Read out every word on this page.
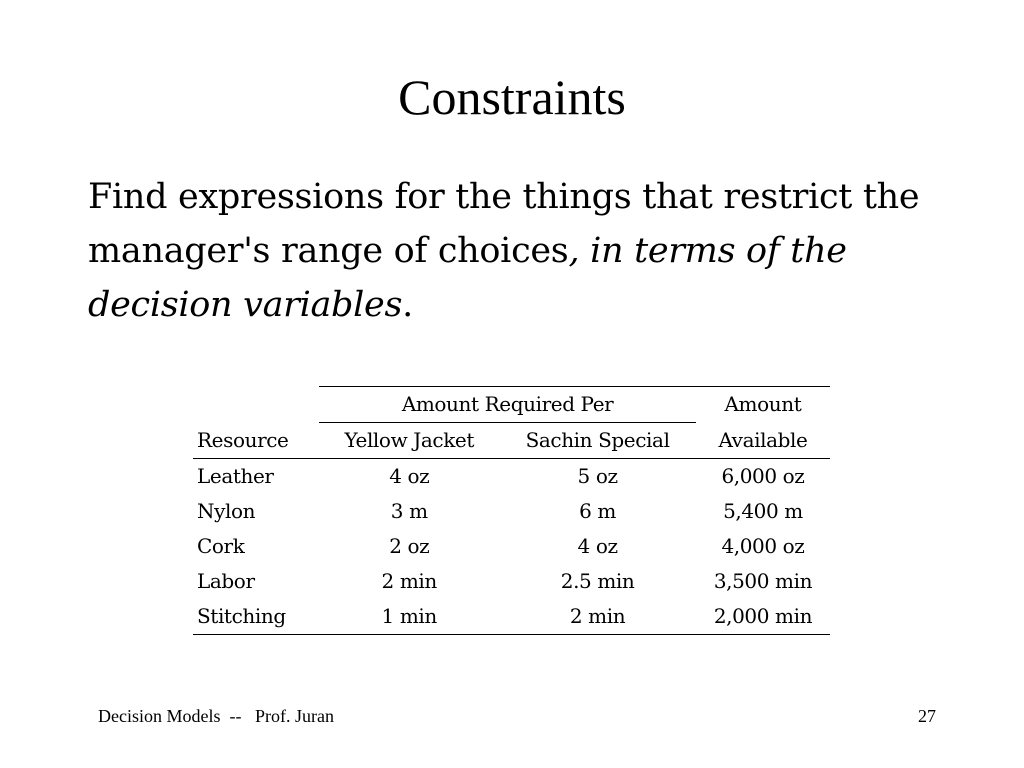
Constraints
Find expressions for the things that restrict the manager's range of choices, in terms of the decision variables.
	Amount Required Per		Amount
Resource	Yellow Jacket	Sachin Special	Available
Leather	4 oz	5 oz	6,000 oz
Nylon	3 m	6 m	5,400 m
Cork	2 oz	4 oz	4,000 oz
Labor	2 min	2.5 min	3,500 min
Stitching	1 min	2 min	2,000 min
Decision Models  --   Prof. Juran	27
